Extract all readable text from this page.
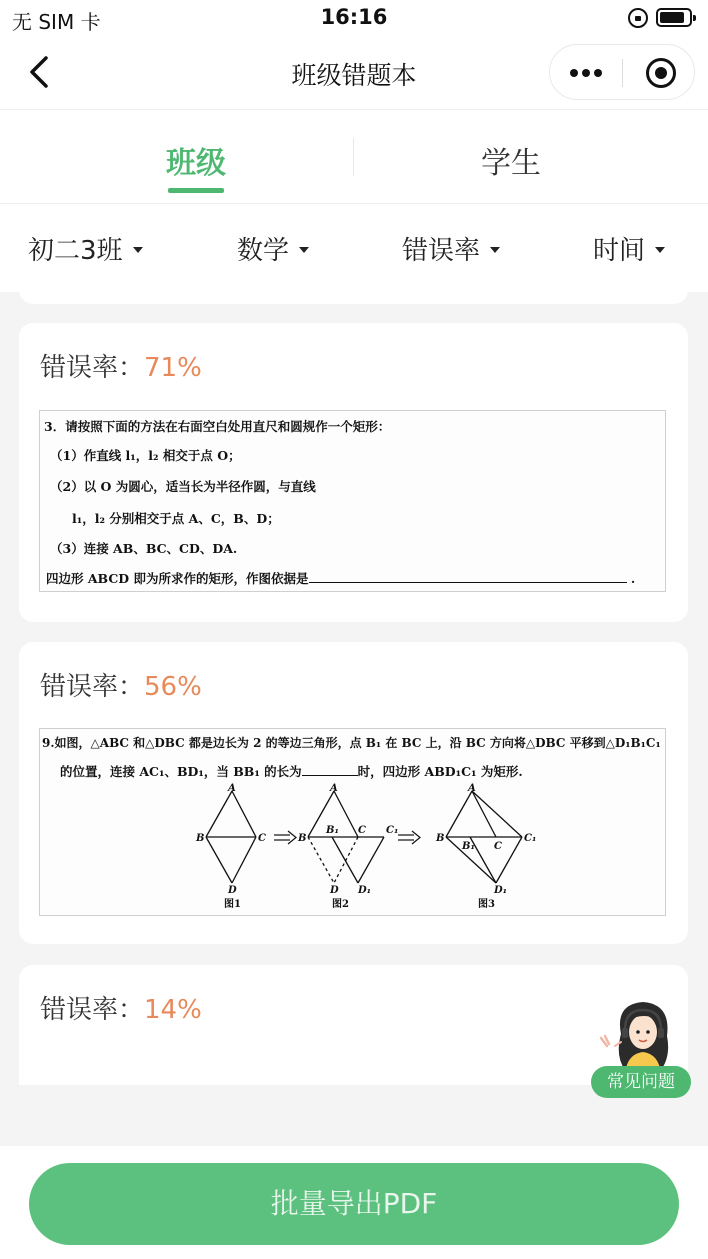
无 SIM 卡	16:16
班级错题本
班级	学生
初二3班	数学	错误率	时间
错误率：71%
3．请按照下面的方法在右面空白处用直尺和圆规作一个矩形：
（1）作直线 l₁，l₂ 相交于点 O；
（2）以 O 为圆心，适当长为半径作圆，与直线
l₁，l₂ 分别相交于点 A、C，B、D；
（3）连接 AB、BC、CD、DA.
四边形 ABCD 即为所求作的矩形，作图依据是	.
错误率：56%
9.如图，△ABC 和△DBC 都是边长为 2 的等边三角形，点 B₁ 在 BC 上，沿 BC 方向将△DBC 平移到△D₁B₁C₁
的位置，连接 AC₁、BD₁，当 BB₁ 的长为	时，四边形 ABD₁C₁ 为矩形.
A
B	C
D
图1
A
B
B₁ C C₁
D D₁
图2
A
B
B₁ C
C₁
D₁
图3
错误率：14%
常见问题
批量导出PDF
